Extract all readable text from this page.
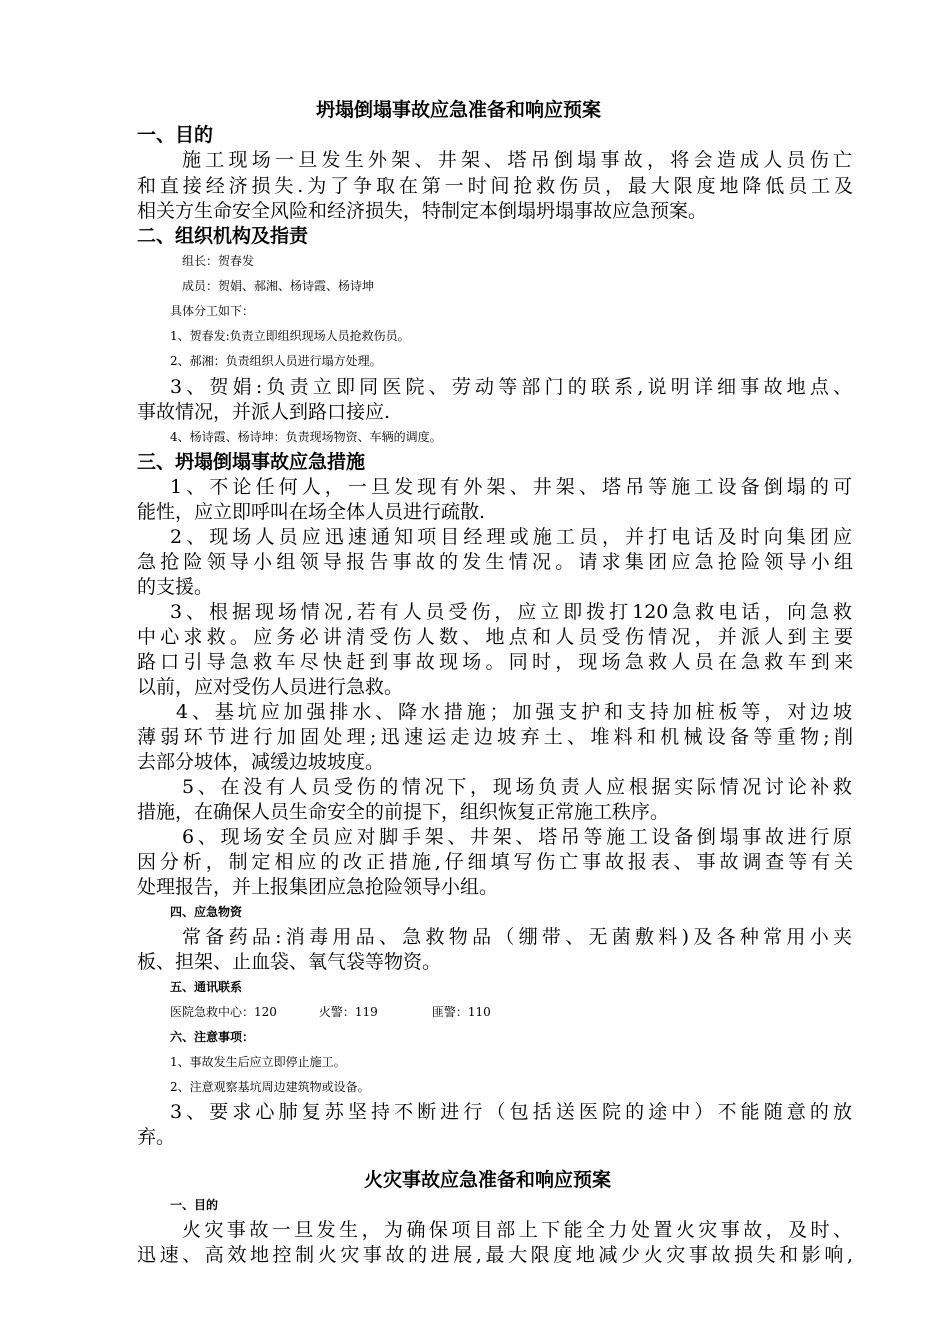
坍塌倒塌事故应急准备和响应预案
一、目的
施工现场一旦发生外架、井架、塔吊倒塌事故，将会造成人员伤亡
和直接经济损失.为了争取在第一时间抢救伤员，最大限度地降低员工及
相关方生命安全风险和经济损失，特制定本倒塌坍塌事故应急预案。
二、组织机构及指责
组长：贺春发
成员：贺娟、郝湘、杨诗霞、杨诗坤
具体分工如下：
1、贺春发:负责立即组织现场人员抢救伤员。
2、郝湘：负责组织人员进行塌方处理。
3、贺娟:负责立即同医院、劳动等部门的联系,说明详细事故地点、
事故情况，并派人到路口接应.
4、杨诗霞、杨诗坤：负责现场物资、车辆的调度。
三、坍塌倒塌事故应急措施
1、不论任何人，一旦发现有外架、井架、塔吊等施工设备倒塌的可
能性，应立即呼叫在场全体人员进行疏散.
2、现场人员应迅速通知项目经理或施工员，并打电话及时向集团应
急抢险领导小组领导报告事故的发生情况。请求集团应急抢险领导小组
的支援。
3、根据现场情况,若有人员受伤，应立即拨打120急救电话，向急救
中心求救。应务必讲清受伤人数、地点和人员受伤情况，并派人到主要
路口引导急救车尽快赶到事故现场。同时，现场急救人员在急救车到来
以前，应对受伤人员进行急救。
4、基坑应加强排水、降水措施；加强支护和支持加桩板等，对边坡
薄弱环节进行加固处理;迅速运走边坡弃土、堆料和机械设备等重物;削
去部分坡体，减缓边坡坡度。
5、在没有人员受伤的情况下，现场负责人应根据实际情况讨论补救
措施，在确保人员生命安全的前提下，组织恢复正常施工秩序。
6、现场安全员应对脚手架、井架、塔吊等施工设备倒塌事故进行原
因分析，制定相应的改正措施,仔细填写伤亡事故报表、事故调查等有关
处理报告，并上报集团应急抢险领导小组。
四、应急物资
常备药品:消毒用品、急救物品（绷带、无菌敷料)及各种常用小夹
板、担架、止血袋、氧气袋等物资。
五、通讯联系
医院急救中心：120	火警：119	匪警：110
六、注意事项：
1、事故发生后应立即停止施工。
2、注意观察基坑周边建筑物或设备。
3、要求心肺复苏坚持不断进行（包括送医院的途中）不能随意的放
弃。
火灾事故应急准备和响应预案
一、目的
火灾事故一旦发生，为确保项目部上下能全力处置火灾事故，及时、
迅速、高效地控制火灾事故的进展,最大限度地减少火灾事故损失和影响,
